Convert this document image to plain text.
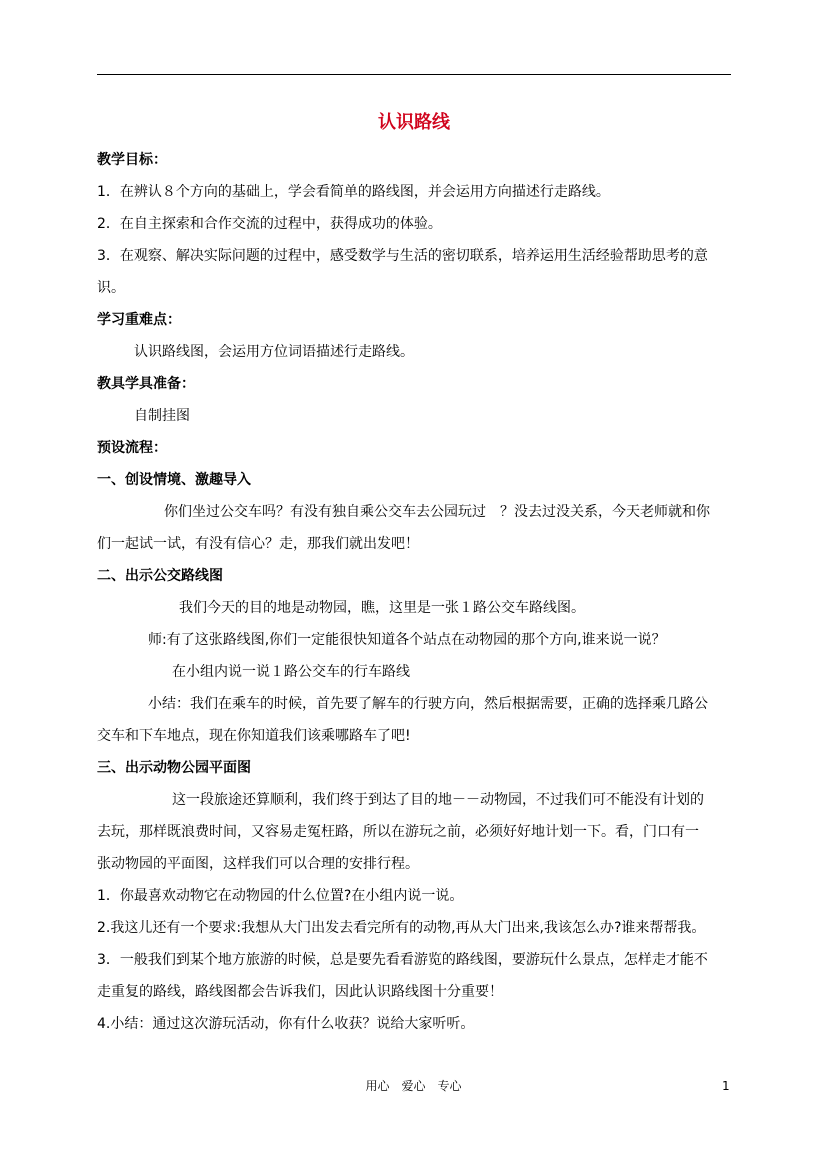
认识路线

教学目标：

1．在辨认８个方向的基础上，学会看简单的路线图，并会运用方向描述行走路线。

2．在自主探索和合作交流的过程中，获得成功的体验。

3．在观察、解决实际问题的过程中，感受数学与生活的密切联系，培养运用生活经验帮助思考的意

识。

学习重难点：

认识路线图，会运用方位词语描述行走路线。

教具学具准备：

自制挂图

预设流程：

一、创设情境、激趣导入

你们坐过公交车吗？有没有独自乘公交车去公园玩过　？没去过没关系，今天老师就和你

们一起试一试，有没有信心？走，那我们就出发吧！

二、出示公交路线图

我们今天的目的地是动物园，瞧，这里是一张１路公交车路线图。

师:有了这张路线图,你们一定能很快知道各个站点在动物园的那个方向,谁来说一说？

在小组内说一说１路公交车的行车路线

小结：我们在乘车的时候，首先要了解车的行驶方向，然后根据需要，正确的选择乘几路公

交车和下车地点，现在你知道我们该乘哪路车了吧!

三、出示动物公园平面图

这一段旅途还算顺利，我们终于到达了目的地－－动物园，不过我们可不能没有计划的

去玩，那样既浪费时间，又容易走冤枉路，所以在游玩之前，必须好好地计划一下。看，门口有一

张动物园的平面图，这样我们可以合理的安排行程。

1．你最喜欢动物它在动物园的什么位置?在小组内说一说。

2.我这儿还有一个要求:我想从大门出发去看完所有的动物,再从大门出来,我该怎么办?谁来帮帮我。

3．一般我们到某个地方旅游的时候，总是要先看看游览的路线图，要游玩什么景点，怎样走才能不

走重复的路线，路线图都会告诉我们，因此认识路线图十分重要！

4.小结：通过这次游玩活动，你有什么收获？说给大家听听。

用心　爱心　专心	1
